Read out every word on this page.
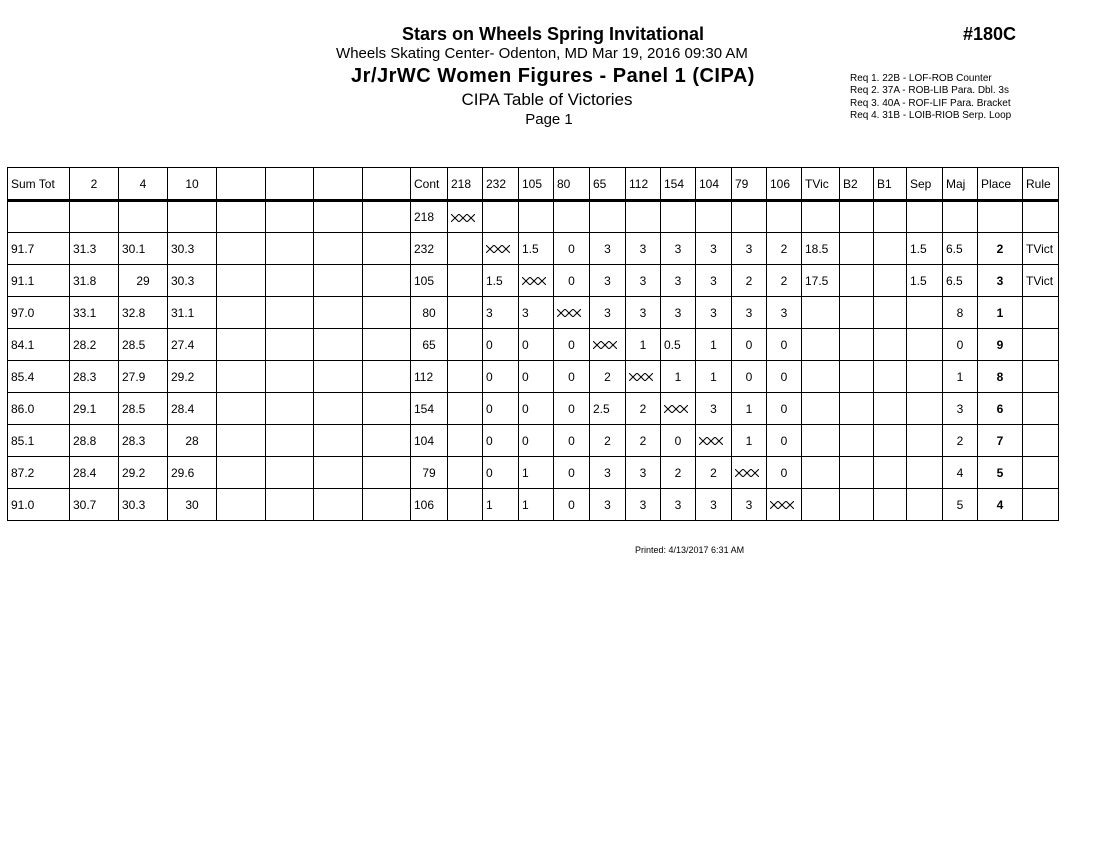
Stars on Wheels Spring Invitational
Wheels Skating Center- Odenton, MD Mar 19, 2016 09:30 AM
Jr/JrWC Women Figures - Panel 1 (CIPA)
CIPA Table of Victories
Page 1
#180C
Req 1. 22B - LOF-ROB Counter
Req 2. 37A - ROB-LIB Para. Dbl. 3s
Req 3. 40A - ROF-LIF Para. Bracket
Req 4. 31B - LOIB-RIOB Serp. Loop
Sum Tot	2	4	10					Cont	218	232	105	80	65	112	154	104	79	106	TVic	B2	B1	Sep	Maj	Place	Rule
								218																	
91.7	31.3	30.1	30.3					232			1.5	0	3	3	3	3	3	2	18.5			1.5	6.5	2	TVict
91.1	31.8	29	30.3					105		1.5		0	3	3	3	3	2	2	17.5			1.5	6.5	3	TVict
97.0	33.1	32.8	31.1					80		3	3		3	3	3	3	3	3					8	1	
84.1	28.2	28.5	27.4					65		0	0	0		1	0.5	1	0	0					0	9	
85.4	28.3	27.9	29.2					112		0	0	0	2		1	1	0	0					1	8	
86.0	29.1	28.5	28.4					154		0	0	0	2.5	2		3	1	0					3	6	
85.1	28.8	28.3	28					104		0	0	0	2	2	0		1	0					2	7	
87.2	28.4	29.2	29.6					79		0	1	0	3	3	2	2		0					4	5	
91.0	30.7	30.3	30					106		1	1	0	3	3	3	3	3						5	4	
Printed: 4/13/2017 6:31 AM
